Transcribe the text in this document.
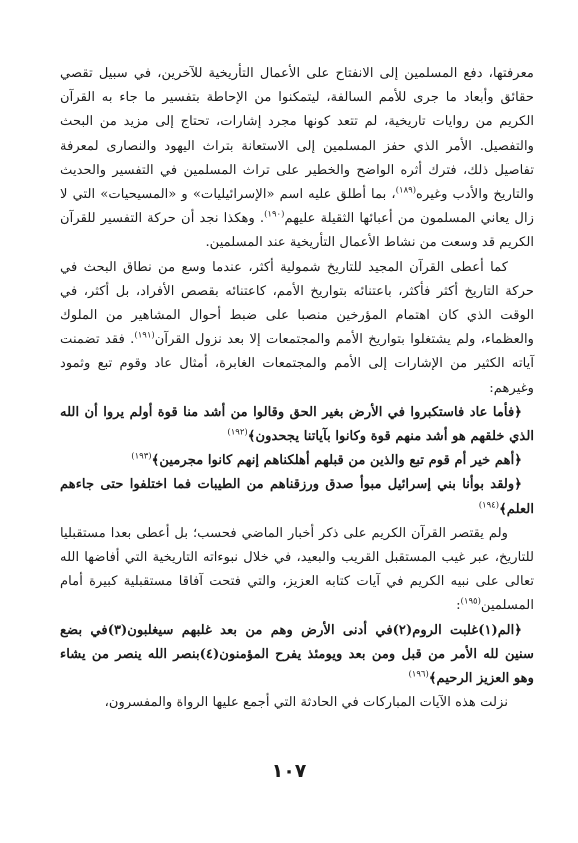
معرفتها، دفع المسلمين إلى الانفتاح على الأعمال التأريخية للآخرين، في سبيل تقصي حقائق وأبعاد ما جرى للأمم السالفة، ليتمكنوا من الإحاطة بتفسير ما جاء به القرآن الكريم من روايات تاريخية، لم تتعد كونها مجرد إشارات، تحتاج إلى مزيد من البحث والتفصيل. الأمر الذي حفز المسلمين إلى الاستعانة بتراث اليهود والنصارى لمعرفة تفاصيل ذلك، فترك أثره الواضح والخطير على تراث المسلمين في التفسير والحديث والتاريخ والأدب وغيره$^{(١٨٩)}$، بما أطلق عليه اسم «الإسرائيليات» و «المسيحيات» التي لا زال يعاني المسلمون من أعبائها الثقيلة عليهم$^{(١٩٠)}$. وهكذا نجد أن حركة التفسير للقرآن الكريم قد وسعت من نشاط الأعمال التأريخية عند المسلمين.

كما أعطى القرآن المجيد للتاريخ شمولية أكثر، عندما وسع من نطاق البحث في حركة التاريخ أكثر فأكثر، باعتنائه بتواريخ الأمم، كاعتنائه بقصص الأفراد، بل أكثر، في الوقت الذي كان اهتمام المؤرخين منصبا على ضبط أحوال المشاهير من الملوك والعظماء، ولم يشتغلوا بتواريخ الأمم والمجتمعات إلا بعد نزول القرآن$^{(١٩١)}$. فقد تضمنت آياته الكثير من الإشارات إلى الأمم والمجتمعات الغابرة، أمثال عاد وقوم تبع وثمود وغيرهم:

﴿فأما عاد فاستكبروا في الأرض بغير الحق وقالوا من أشد منا قوة أولم يروا أن الله الذي خلقهم هو أشد منهم قوة وكانوا بآياتنا يجحدون﴾$^{(١٩٢)}$

﴿أهم خير أم قوم تبع والذين من قبلهم أهلكناهم إنهم كانوا مجرمين﴾$^{(١٩٣)}$

﴿ولقد بوأنا بني إسرائيل مبوأ صدق ورزقناهم من الطيبات فما اختلفوا حتى جاءهم العلم﴾$^{(١٩٤)}$

ولم يقتصر القرآن الكريم على ذكر أخبار الماضي فحسب؛ بل أعطى بعدا مستقبليا للتاريخ، عبر غيب المستقبل القريب والبعيد، في خلال نبوءاته التاريخية التي أفاضها الله تعالى على نبيه الكريم في آيات كتابه العزيز، والتي فتحت آفاقا مستقبلية كبيرة أمام المسلمين$^{(١٩٥)}$:

﴿الم(١)غلبت الروم(٢)في أدنى الأرض وهم من بعد غلبهم سيغلبون(٣)في بضع سنين لله الأمر من قبل ومن بعد ويومئذ يفرح المؤمنون(٤)بنصر الله ينصر من يشاء وهو العزيز الرحيم﴾$^{(١٩٦)}$

نزلت هذه الآيات المباركات في الحادثة التي أجمع عليها الرواة والمفسرون،

١٠٧
